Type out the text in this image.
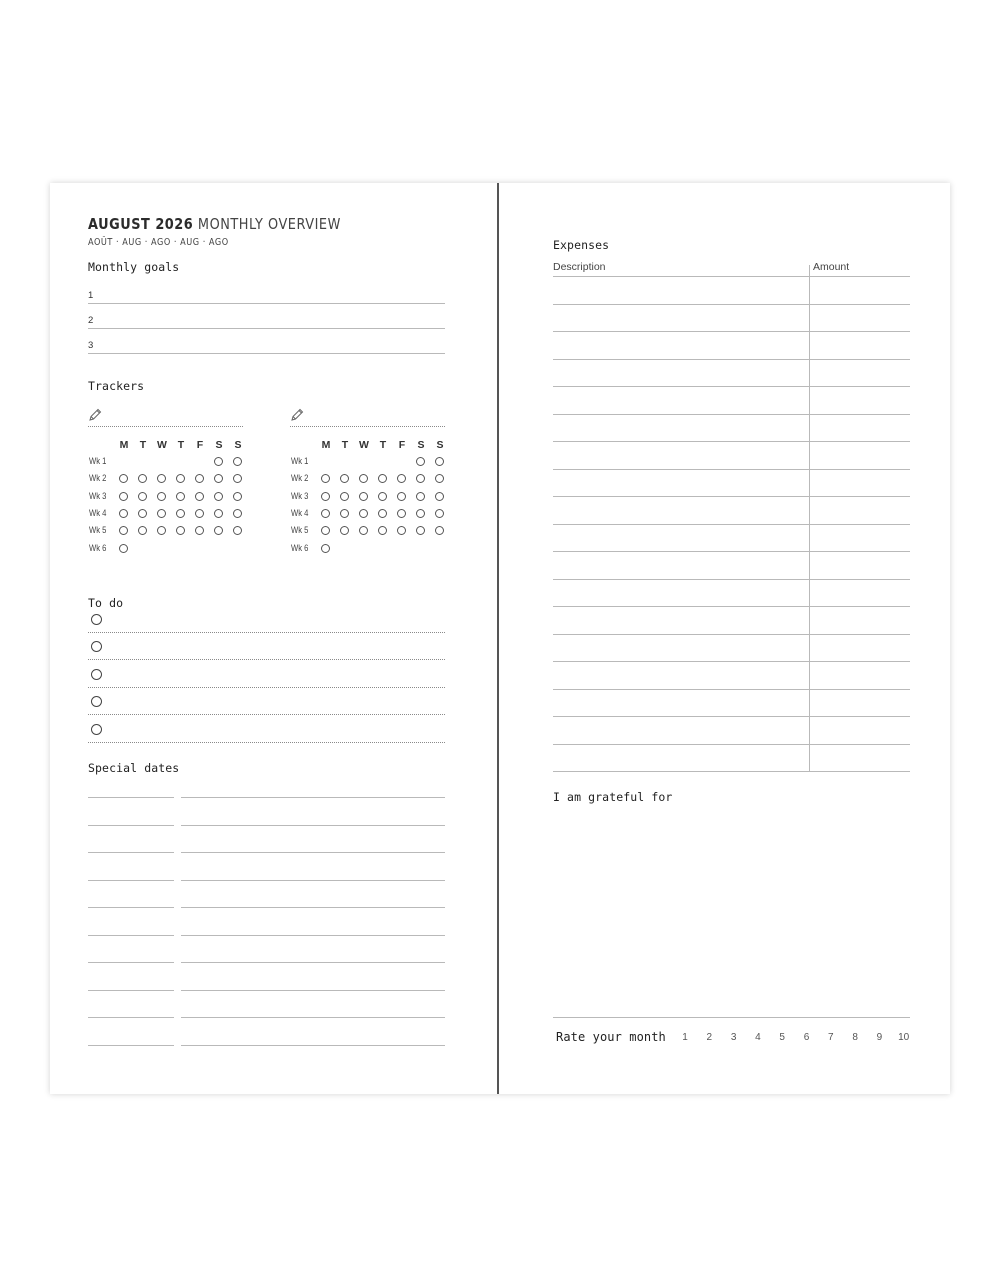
AUGUST 2026 MONTHLY OVERVIEW
AOÛT · AUG · AGO · AUG · AGO
Monthly goals
1
2
3
Trackers
M	T	W	T	F	S	S
Wk 1
Wk 2
Wk 3
Wk 4
Wk 5
Wk 6
M	T	W	T	F	S	S
Wk 1
Wk 2
Wk 3
Wk 4
Wk 5
Wk 6
To do
Special dates
Expenses
Description	Amount
I am grateful for
Rate your month	1	2	3	4	5	6	7	8	9	10
